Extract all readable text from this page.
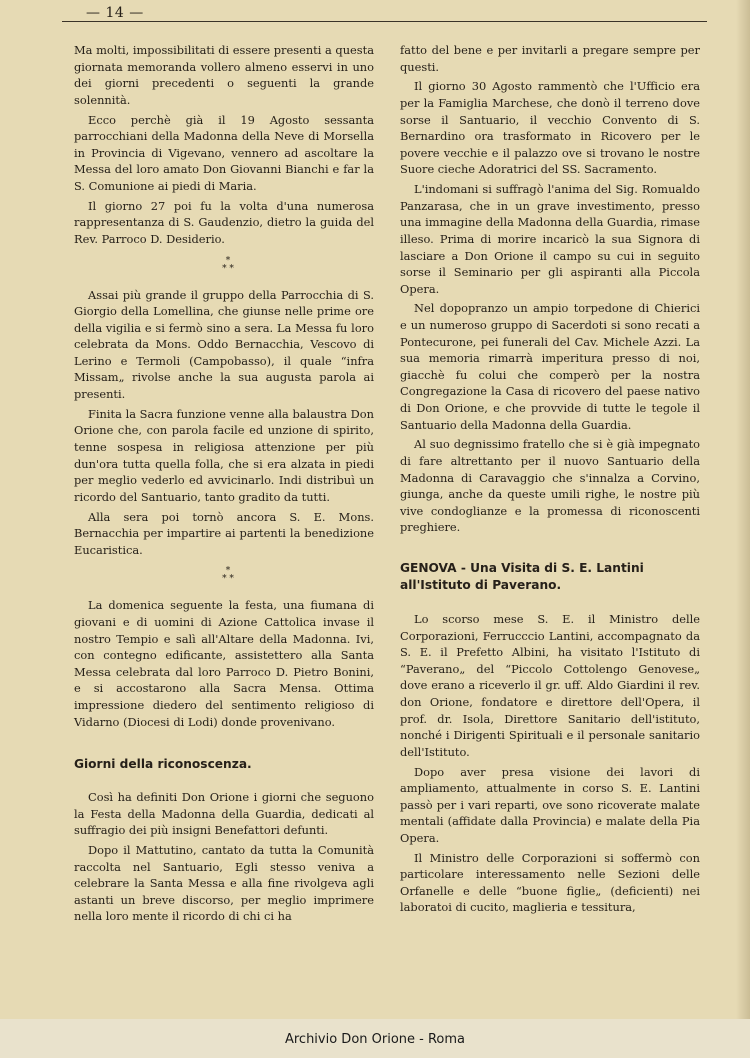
— 14 —

Ma molti, impossibilitati di essere presenti a questa giornata memoranda vollero almeno esservi in uno dei giorni precedenti o seguenti la grande solennità.

Ecco perchè già il 19 Agosto sessanta parrocchiani della Madonna della Neve di Morsella in Provincia di Vigevano, vennero ad ascoltare la Messa del loro amato Don Giovanni Bianchi e far la S. Comunione ai piedi di Maria.

Il giorno 27 poi fu la volta d'una numerosa rappresentanza di S. Gaudenzio, dietro la guida del Rev. Parroco D. Desiderio.

*
* *

Assai più grande il gruppo della Parrocchia di S. Giorgio della Lomellina, che giunse nelle prime ore della vigilia e si fermò sino a sera. La Messa fu loro celebrata da Mons. Oddo Bernacchia, Vescovo di Lerino e Termoli (Campobasso), il quale “infra Missam„ rivolse anche la sua augusta parola ai presenti.

Finita la Sacra funzione venne alla balaustra Don Orione che, con parola facile ed unzione di spirito, tenne sospesa in religiosa attenzione per più dun'ora tutta quella folla, che si era alzata in piedi per meglio vederlo ed avvicinarlo. Indi distribuì un ricordo del Santuario, tanto gradito da tutti.

Alla sera poi tornò ancora S. E. Mons. Bernacchia per impartire ai partenti la benedizione Eucaristica.

*
* *

La domenica seguente la festa, una fiumana di giovani e di uomini di Azione Cattolica invase il nostro Tempio e salì all'Altare della Madonna. Ivi, con contegno edificante, assistettero alla Santa Messa celebrata dal loro Parroco D. Pietro Bonini, e si accostarono alla Sacra Mensa. Ottima impressione diedero del sentimento religioso di Vidarno (Diocesi di Lodi) donde provenivano.

Giorni della riconoscenza.

Così ha definiti Don Orione i giorni che seguono la Festa della Madonna della Guardia, dedicati al suffragio dei più insigni Benefattori defunti.

Dopo il Mattutino, cantato da tutta la Comunità raccolta nel Santuario, Egli stesso veniva a celebrare la Santa Messa e alla fine rivolgeva agli astanti un breve discorso, per meglio imprimere nella loro mente il ricordo di chi ci ha

fatto del bene e per invitarli a pregare sempre per questi.

Il giorno 30 Agosto rammentò che l'Ufficio era per la Famiglia Marchese, che donò il terreno dove sorse il Santuario, il vecchio Convento di S. Bernardino ora trasformato in Ricovero per le povere vecchie e il palazzo ove si trovano le nostre Suore cieche Adoratrici del SS. Sacramento.

L'indomani si suffragò l'anima del Sig. Romualdo Panzarasa, che in un grave investimento, presso una immagine della Madonna della Guardia, rimase illeso. Prima di morire incaricò la sua Signora di lasciare a Don Orione il campo su cui in seguito sorse il Seminario per gli aspiranti alla Piccola Opera.

Nel dopopranzo un ampio torpedone di Chierici e un numeroso gruppo di Sacerdoti si sono recati a Pontecurone, pei funerali del Cav. Michele Azzi. La sua memoria rimarrà imperitura presso di noi, giacchè fu colui che comperò per la nostra Congregazione la Casa di ricovero del paese nativo di Don Orione, e che provvide di tutte le tegole il Santuario della Madonna della Guardia.

Al suo degnissimo fratello che si è già impegnato di fare altrettanto per il nuovo Santuario della Madonna di Caravaggio che s'innalza a Corvino, giunga, anche da queste umili righe, le nostre più vive condoglianze e la promessa di riconoscenti preghiere.

GENOVA - Una Visita di S. E. Lantini all'Istituto di Paverano.

Lo scorso mese S. E. il Ministro delle Corporazioni, Ferrucccio Lantini, accompagnato da S. E. il Prefetto Albini, ha visitato l'Istituto di “Paverano„ del “Piccolo Cottolengo Genovese„ dove erano a riceverlo il gr. uff. Aldo Giardini il rev. don Orione, fondatore e direttore dell'Opera, il prof. dr. Isola, Direttore Sanitario dell'istituto, nonché i Dirigenti Spirituali e il personale sanitario dell'Istituto.

Dopo aver presa visione dei lavori di ampliamento, attualmente in corso S. E. Lantini passò per i vari reparti, ove sono ricoverate malate mentali (affidate dalla Provincia) e malate della Pia Opera.

Il Ministro delle Corporazioni si soffermò con particolare interessamento nelle Sezioni delle Orfanelle e delle “buone figlie„ (deficienti) nei laboratoi di cucito, maglieria e tessitura,

Archivio Don Orione - Roma
